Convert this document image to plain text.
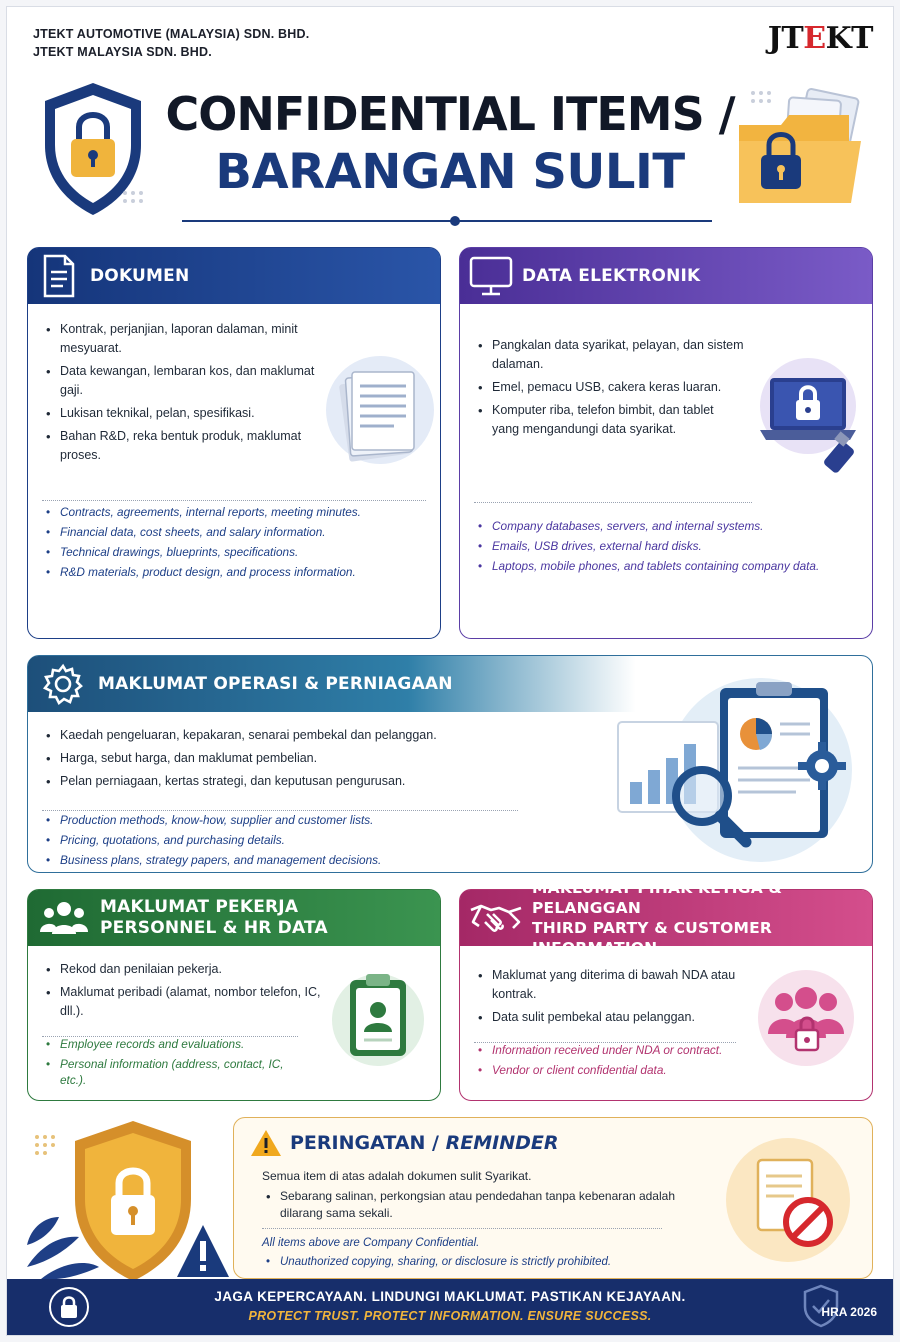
JTEKT AUTOMOTIVE (MALAYSIA) SDN. BHD.
JTEKT MALAYSIA SDN. BHD.	JTEKT
CONFIDENTIAL ITEMS /
BARANGAN SULIT
DOKUMEN
• Kontrak, perjanjian, laporan dalaman, minit mesyuarat.
• Data kewangan, lembaran kos, dan maklumat gaji.
• Lukisan teknikal, pelan, spesifikasi.
• Bahan R&D, reka bentuk produk, maklumat proses.
• Contracts, agreements, internal reports, meeting minutes.
• Financial data, cost sheets, and salary information.
• Technical drawings, blueprints, specifications.
• R&D materials, product design, and process information.
DATA ELEKTRONIK
• Pangkalan data syarikat, pelayan, dan sistem dalaman.
• Emel, pemacu USB, cakera keras luaran.
• Komputer riba, telefon bimbit, dan tablet yang mengandungi data syarikat.
• Company databases, servers, and internal systems.
• Emails, USB drives, external hard disks.
• Laptops, mobile phones, and tablets containing company data.
MAKLUMAT OPERASI & PERNIAGAAN
• Kaedah pengeluaran, kepakaran, senarai pembekal dan pelanggan.
• Harga, sebut harga, dan maklumat pembelian.
• Pelan perniagaan, kertas strategi, dan keputusan pengurusan.
• Production methods, know-how, supplier and customer lists.
• Pricing, quotations, and purchasing details.
• Business plans, strategy papers, and management decisions.
MAKLUMAT PEKERJA
PERSONNEL & HR DATA
• Rekod dan penilaian pekerja.
• Maklumat peribadi (alamat, nombor telefon, IC, dll.).
• Employee records and evaluations.
• Personal information (address, contact, IC, etc.).
MAKLUMAT PIHAK KETIGA & PELANGGAN
THIRD PARTY & CUSTOMER INFORMATION
• Maklumat yang diterima di bawah NDA atau kontrak.
• Data sulit pembekal atau pelanggan.
• Information received under NDA or contract.
• Vendor or client confidential data.
PERINGATAN / REMINDER
Semua item di atas adalah dokumen sulit Syarikat.
• Sebarang salinan, perkongsian atau pendedahan tanpa kebenaran adalah dilarang sama sekali.
All items above are Company Confidential.
• Unauthorized copying, sharing, or disclosure is strictly prohibited.
JAGA KEPERCAYAAN. LINDUNGI MAKLUMAT. PASTIKAN KEJAYAAN.
PROTECT TRUST. PROTECT INFORMATION. ENSURE SUCCESS.	HRA 2026
